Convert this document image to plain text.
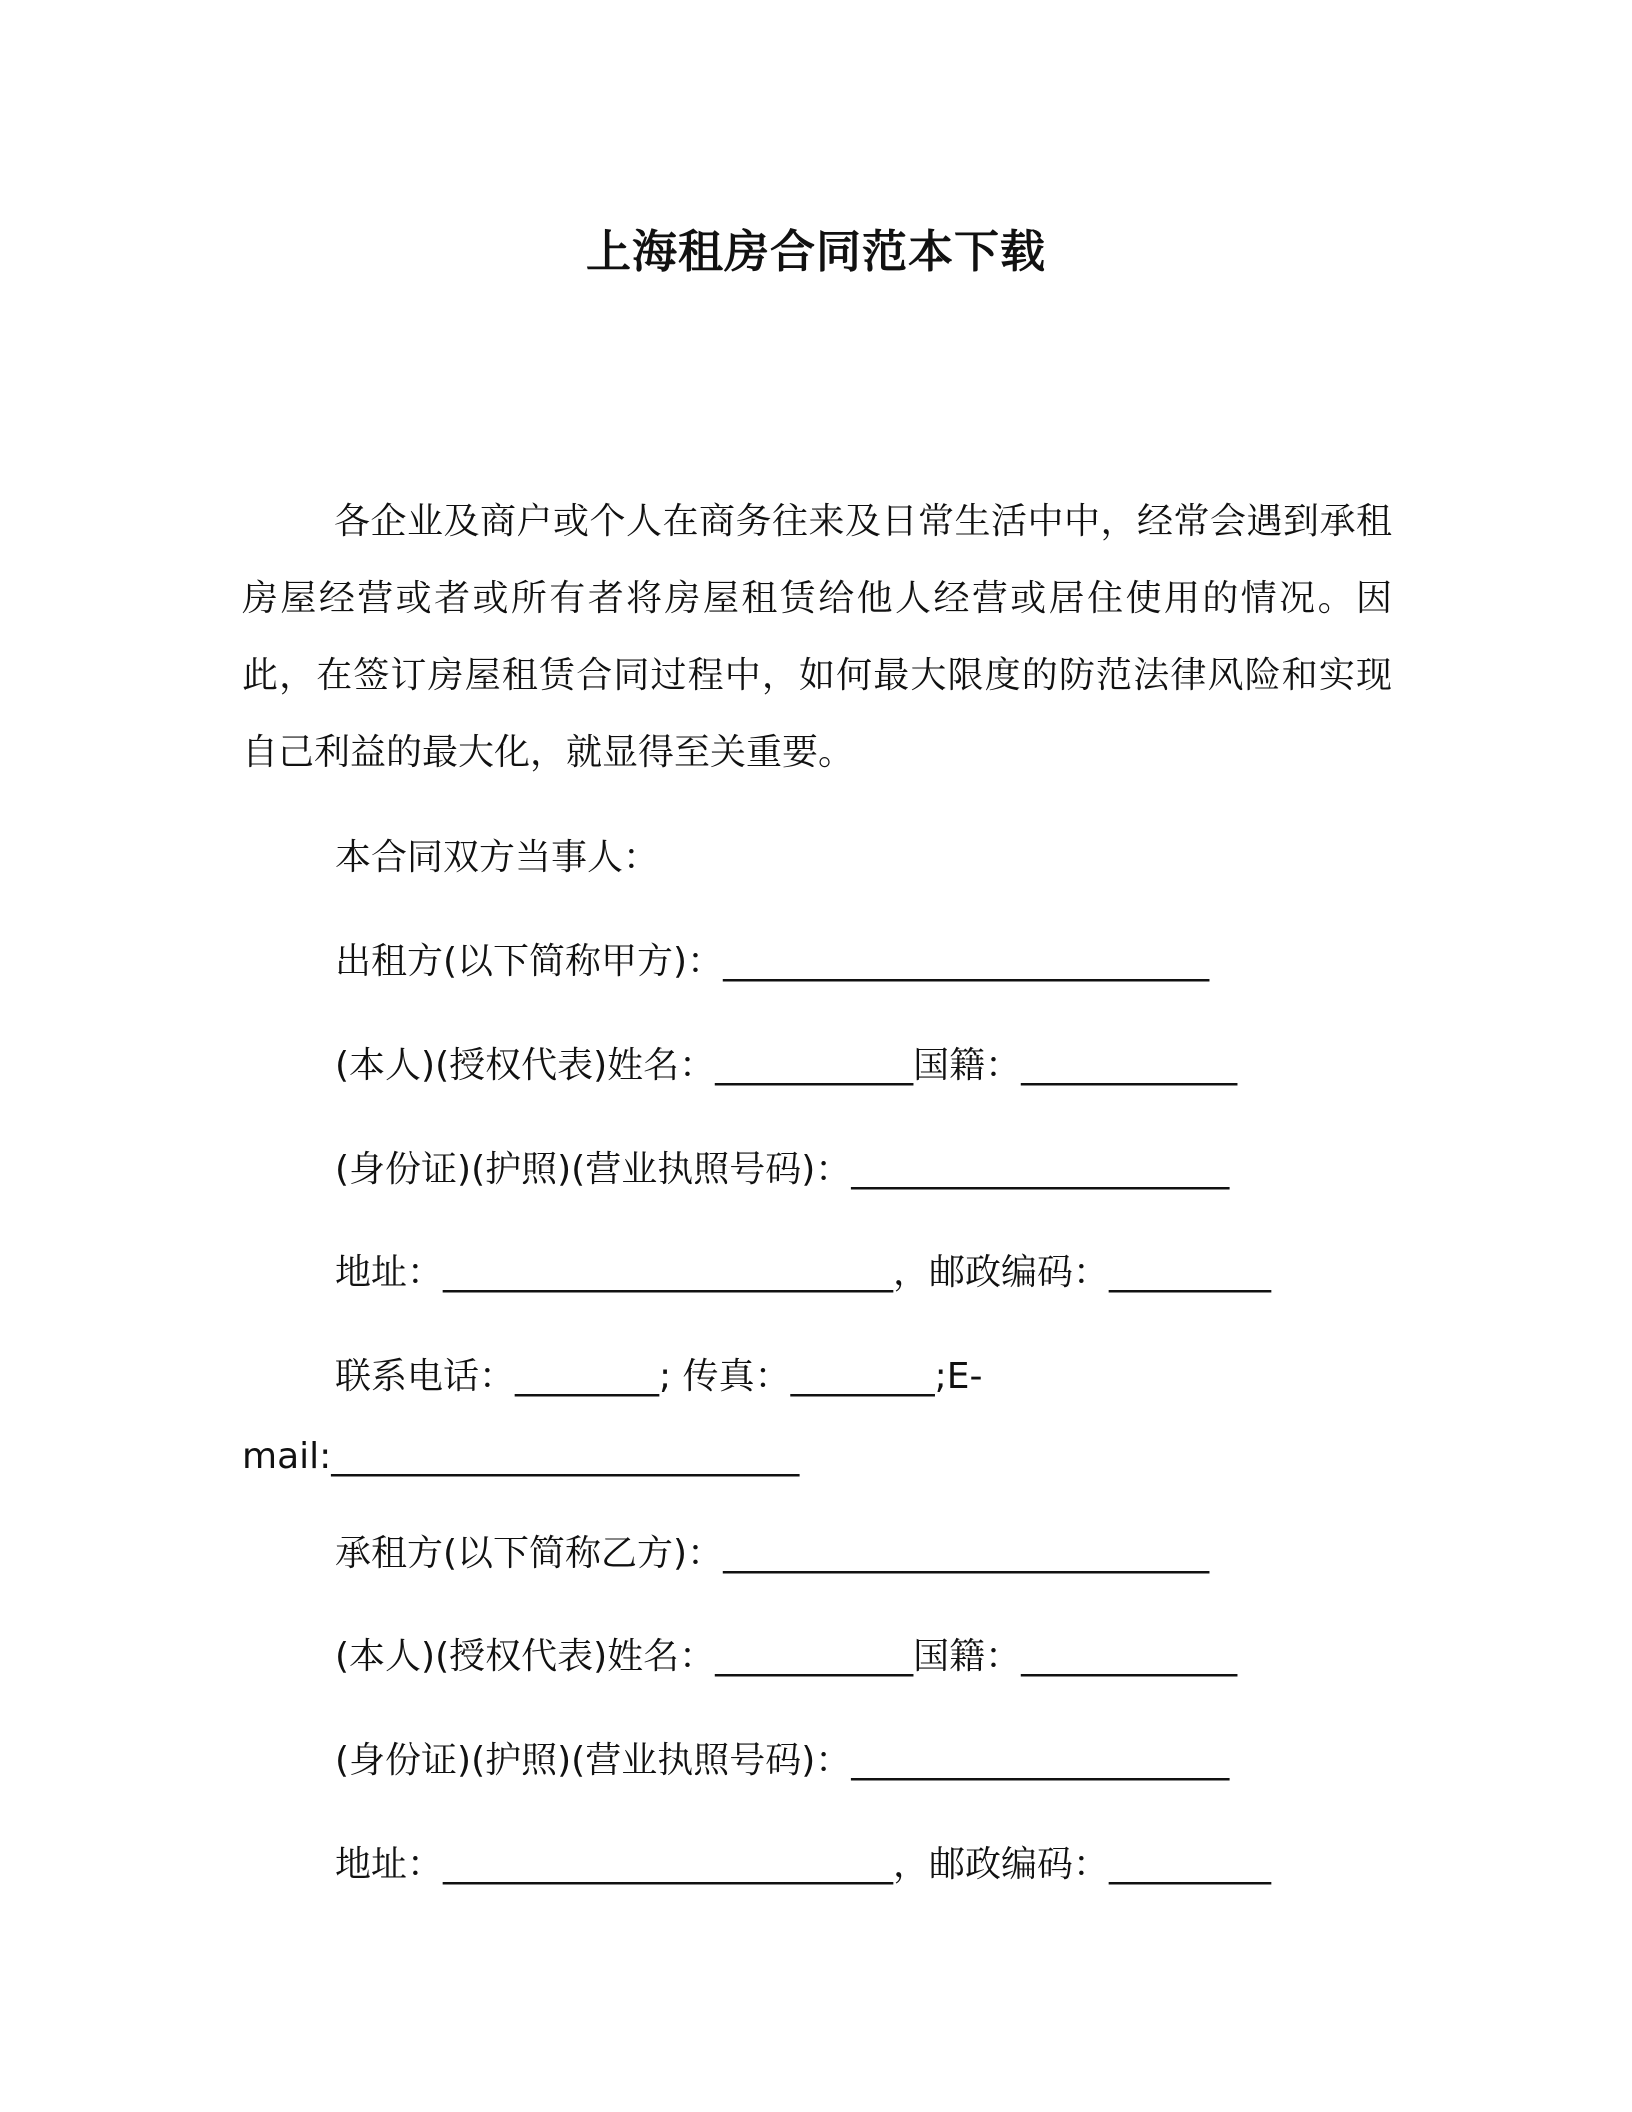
上海租房合同范本下载
各企业及商户或个人在商务往来及日常生活中中，经常会遇到承租房屋经营或者或所有者将房屋租赁给他人经营或居住使用的情况。因此，在签订房屋租赁合同过程中，如何最大限度的防范法律风险和实现自己利益的最大化，就显得至关重要。
本合同双方当事人：
出租方(以下简称甲方)：___________________________
(本人)(授权代表)姓名：___________国籍：____________
(身份证)(护照)(营业执照号码)：_____________________
地址：_________________________，邮政编码：_________
联系电话：________; 传真：________;E-
mail:__________________________
承租方(以下简称乙方)：___________________________
(本人)(授权代表)姓名：___________国籍：____________
(身份证)(护照)(营业执照号码)：_____________________
地址：_________________________，邮政编码：_________
